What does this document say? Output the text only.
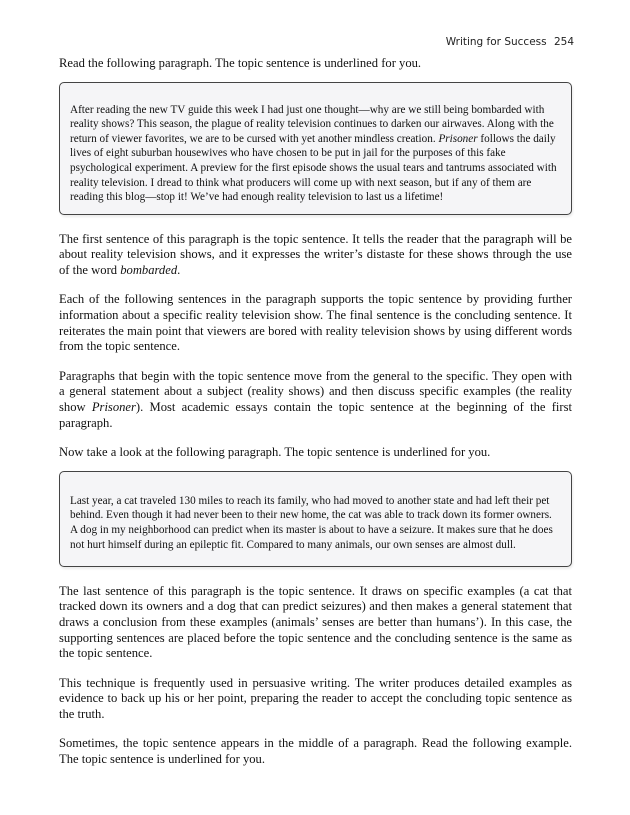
Writing for Success 254

Read the following paragraph. The topic sentence is underlined for you.

After reading the new TV guide this week I had just one thought—why are we still being bombarded with reality shows? This season, the plague of reality television continues to darken our airwaves. Along with the return of viewer favorites, we are to be cursed with yet another mindless creation. Prisoner follows the daily lives of eight suburban housewives who have chosen to be put in jail for the purposes of this fake psychological experiment. A preview for the first episode shows the usual tears and tantrums associated with reality television. I dread to think what producers will come up with next season, but if any of them are reading this blog—stop it! We’ve had enough reality television to last us a lifetime!

The first sentence of this paragraph is the topic sentence. It tells the reader that the paragraph will be about reality television shows, and it expresses the writer’s distaste for these shows through the use of the word bombarded.

Each of the following sentences in the paragraph supports the topic sentence by providing further information about a specific reality television show. The final sentence is the concluding sentence. It reiterates the main point that viewers are bored with reality television shows by using different words from the topic sentence.

Paragraphs that begin with the topic sentence move from the general to the specific. They open with a general statement about a subject (reality shows) and then discuss specific examples (the reality show Prisoner). Most academic essays contain the topic sentence at the beginning of the first paragraph.

Now take a look at the following paragraph. The topic sentence is underlined for you.

Last year, a cat traveled 130 miles to reach its family, who had moved to another state and had left their pet behind. Even though it had never been to their new home, the cat was able to track down its former owners. A dog in my neighborhood can predict when its master is about to have a seizure. It makes sure that he does not hurt himself during an epileptic fit. Compared to many animals, our own senses are almost dull.

The last sentence of this paragraph is the topic sentence. It draws on specific examples (a cat that tracked down its owners and a dog that can predict seizures) and then makes a general statement that draws a conclusion from these examples (animals’ senses are better than humans’). In this case, the supporting sentences are placed before the topic sentence and the concluding sentence is the same as the topic sentence.

This technique is frequently used in persuasive writing. The writer produces detailed examples as evidence to back up his or her point, preparing the reader to accept the concluding topic sentence as the truth.

Sometimes, the topic sentence appears in the middle of a paragraph. Read the following example. The topic sentence is underlined for you.
